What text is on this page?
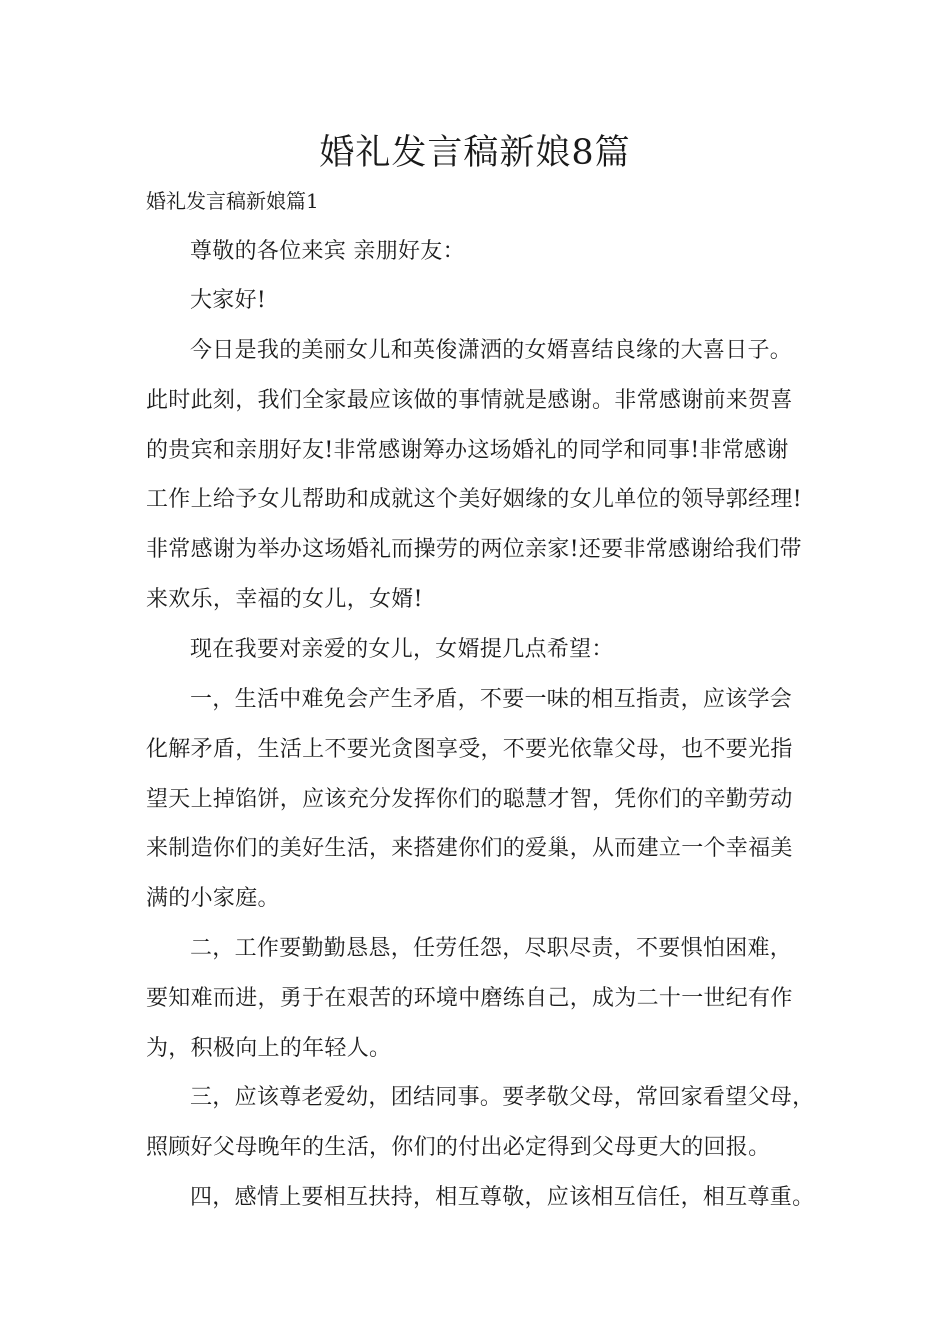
婚礼发言稿新娘8篇
婚礼发言稿新娘篇1

尊敬的各位来宾 亲朋好友：

大家好!

今日是我的美丽女儿和英俊潇洒的女婿喜结良缘的大喜日子。
此时此刻，我们全家最应该做的事情就是感谢。非常感谢前来贺喜
的贵宾和亲朋好友!非常感谢筹办这场婚礼的同学和同事!非常感谢
工作上给予女儿帮助和成就这个美好姻缘的女儿单位的领导郭经理!
非常感谢为举办这场婚礼而操劳的两位亲家!还要非常感谢给我们带
来欢乐，幸福的女儿，女婿!

现在我要对亲爱的女儿，女婿提几点希望：

一，生活中难免会产生矛盾，不要一味的相互指责，应该学会
化解矛盾，生活上不要光贪图享受，不要光依靠父母，也不要光指
望天上掉馅饼，应该充分发挥你们的聪慧才智，凭你们的辛勤劳动
来制造你们的美好生活，来搭建你们的爱巢，从而建立一个幸福美
满的小家庭。

二，工作要勤勤恳恳，任劳任怨，尽职尽责，不要惧怕困难，
要知难而进，勇于在艰苦的环境中磨练自己，成为二十一世纪有作
为，积极向上的年轻人。

三，应该尊老爱幼，团结同事。要孝敬父母，常回家看望父母，
照顾好父母晚年的生活，你们的付出必定得到父母更大的回报。

四，感情上要相互扶持，相互尊敬，应该相互信任，相互尊重。
